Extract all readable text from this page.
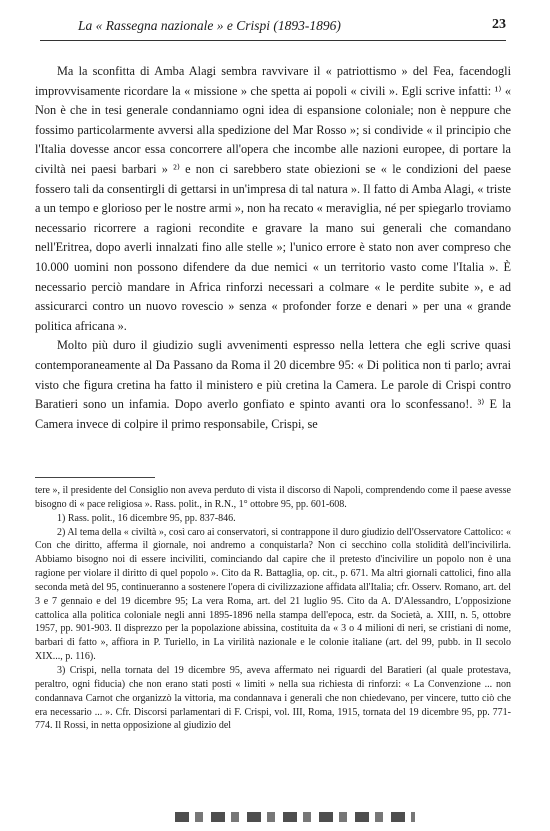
La « Rassegna nazionale » e Crispi (1893-1896)	23

Ma la sconfitta di Amba Alagi sembra ravvivare il « patriottismo » del Fea, facendogli improvvisamente ricordare la « missione » che spetta ai popoli « civili ». Egli scrive infatti: ¹⁾ « Non è che in tesi generale condanniamo ogni idea di espansione coloniale; non è neppure che fossimo particolarmente avversi alla spedizione del Mar Rosso »; si condivide « il principio che l'Italia dovesse ancor essa concorrere all'opera che incombe alle nazioni europee, di portare la civiltà nei paesi barbari » ²⁾ e non ci sarebbero state obiezioni se « le condizioni del paese fossero tali da consentirgli di gettarsi in un'impresa di tal natura ». Il fatto di Amba Alagi, « triste a un tempo e glorioso per le nostre armi », non ha recato « meraviglia, né per spiegarlo troviamo necessario ricorrere a ragioni recondite e gravare la mano sui generali che comandano nell'Eritrea, dopo averli innalzati fino alle stelle »; l'unico errore è stato non aver compreso che 10.000 uomini non possono difendere da due nemici « un territorio vasto come l'Italia ». È necessario perciò mandare in Africa rinforzi necessari a colmare « le perdite subite », e ad assicurarci contro un nuovo rovescio » senza « profonder forze e denari » per una « grande politica africana ».

Molto più duro il giudizio sugli avvenimenti espresso nella lettera che egli scrive quasi contemporaneamente al Da Passano da Roma il 20 dicembre 95: « Di politica non ti parlo; avrai visto che figura cretina ha fatto il ministero e più cretina la Camera. Le parole di Crispi contro Baratieri sono un infamia. Dopo averlo gonfiato e spinto avanti ora lo sconfessano!. ³⁾ E la Camera invece di colpire il primo responsabile, Crispi, se

tere », il presidente del Consiglio non aveva perduto di vista il discorso di Napoli, comprendendo come il paese avesse bisogno di « pace religiosa ». Rass. polit., in R.N., 1° ottobre 95, pp. 601-608.

1) Rass. polit., 16 dicembre 95, pp. 837-846.

2) Al tema della « civiltà », così caro ai conservatori, si contrappone il duro giudizio dell'Osservatore Cattolico: « Con che diritto, afferma il giornale, noi andremo a conquistarla? Non ci secchino colla stolidità dell'incivilirla. Abbiamo bisogno noi di essere inciviliti, cominciando dal capire che il pretesto d'incivilire un popolo non è una ragione per violare il diritto di quel popolo ». Cito da R. Battaglia, op. cit., p. 671. Ma altri giornali cattolici, fino alla seconda metà del 95, continueranno a sostenere l'opera di civilizzazione affidata all'Italia; cfr. Osserv. Romano, art. del 3 e 7 gennaio e del 19 dicembre 95; La vera Roma, art. del 21 luglio 95. Cito da A. D'Alessandro, L'opposizione cattolica alla politica coloniale negli anni 1895-1896 nella stampa dell'epoca, estr. da Società, a. XIII, n. 5, ottobre 1957, pp. 901-903. Il disprezzo per la popolazione abissina, costituita da « 3 o 4 milioni di neri, se cristiani di nome, barbari di fatto », affiora in P. Turiello, in La virilità nazionale e le colonie italiane (art. del 99, pubb. in Il secolo XIX..., p. 116).

3) Crispi, nella tornata del 19 dicembre 95, aveva affermato nei riguardi del Baratieri (al quale protestava, peraltro, ogni fiducia) che non erano stati posti « limiti » nella sua richiesta di rinforzi: « La Convenzione ... non condannava Carnot che organizzò la vittoria, ma condannava i generali che non chiedevano, per vincere, tutto ciò che era necessario ... ». Cfr. Discorsi parlamentari di F. Crispi, vol. III, Roma, 1915, tornata del 19 dicembre 95, pp. 771-774. Il Rossi, in netta opposizione al giudizio del
